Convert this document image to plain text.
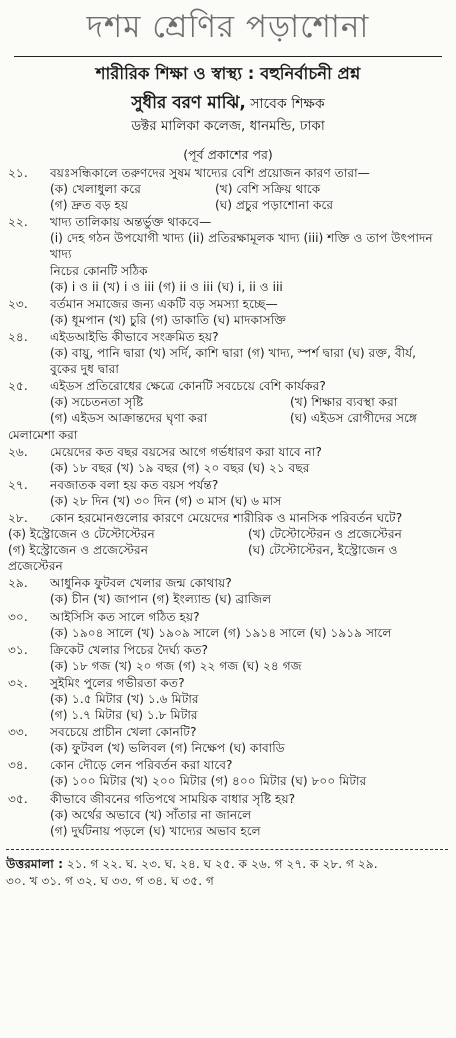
দশম শ্রেণির পড়াশোনা
শারীরিক শিক্ষা ও স্বাস্থ্য : বহুনির্বাচনী প্রশ্ন
সুধীর বরণ মাঝি, সাবেক শিক্ষক
ডক্টর মালিকা কলেজ, ধানমন্ডি, ঢাকা
(পূর্ব প্রকাশের পর)
২১.	বয়ঃসন্ধিকালে তরুণদের সুষম খাদ্যের বেশি প্রয়োজন কারণ তারা—
(ক) খেলাধুলা করে	(খ) বেশি সক্রিয় থাকে
(গ) দ্রুত বড় হয়	(ঘ) প্রচুর পড়াশোনা করে
২২.	খাদ্য তালিকায় অন্তর্ভুক্ত থাকবে—
(i) দেহ গঠন উপযোগী খাদ্য (ii) প্রতিরক্ষামূলক খাদ্য (iii) শক্তি ও তাপ উৎপাদন খাদ্য
নিচের কোনটি সঠিক
(ক) i ও ii (খ) i ও iii (গ) ii ও iii (ঘ) i, ii ও iii
২৩.	বর্তমান সমাজের জন্য একটি বড় সমস্যা হচ্ছে—
(ক) ধূমপান (খ) চুরি (গ) ডাকাতি (ঘ) মাদকাসক্তি
২৪.	এইডআইভি কীভাবে সংক্রমিত হয়?
(ক) বায়ু, পানি দ্বারা (খ) সর্দি, কাশি দ্বারা (গ) খাদ্য, স্পর্শ দ্বারা (ঘ) রক্ত, বীর্য, বুকের দুধ দ্বারা
২৫.	এইডস প্রতিরোধের ক্ষেত্রে কোনটি সবচেয়ে বেশি কার্যকর?
(ক) সচেতনতা সৃষ্টি	(খ) শিক্ষার ব্যবস্থা করা
(গ) এইডস আক্রান্তদের ঘৃণা করা	(ঘ) এইডস রোগীদের সঙ্গে
মেলামেশা করা
২৬.	মেয়েদের কত বছর বয়সের আগে গর্ভধারণ করা যাবে না?
(ক) ১৮ বছর (খ) ১৯ বছর (গ) ২০ বছর (ঘ) ২১ বছর
২৭.	নবজাতক বলা হয় কত বয়স পর্যন্ত?
(ক) ২৮ দিন (খ) ৩০ দিন (গ) ৩ মাস (ঘ) ৬ মাস
২৮.	কোন হরমোনগুলোর কারণে মেয়েদের শারীরিক ও মানসিক পরিবর্তন ঘটে?
(ক) ইস্ট্রোজেন ও টেস্টোস্টেরন	(খ) টেস্টোস্টেরন ও প্রজেস্টেরন
(গ) ইস্ট্রোজেন ও প্রজেস্টেরন	(ঘ) টেস্টোস্টেরন, ইস্ট্রোজেন ও
প্রজেস্টেরন
২৯.	আধুনিক ফুটবল খেলার জন্ম কোথায়?
(ক) চীন (খ) জাপান (গ) ইংল্যান্ড (ঘ) ব্রাজিল
৩০.	আইসিসি কত সালে গঠিত হয়?
(ক) ১৯০৪ সালে (খ) ১৯০৯ সালে (গ) ১৯১৪ সালে (ঘ) ১৯১৯ সালে
৩১.	ক্রিকেট খেলার পিচের দৈর্ঘ্য কত?
(ক) ১৮ গজ (খ) ২০ গজ (গ) ২২ গজ (ঘ) ২৪ গজ
৩২.	সুইমিং পুলের গভীরতা কত?
(ক) ১.৫ মিটার (খ) ১.৬ মিটার
(গ) ১.৭ মিটার (ঘ) ১.৮ মিটার
৩৩.	সবচেয়ে প্রাচীন খেলা কোনটি?
(ক) ফুটবল (খ) ভলিবল (গ) নিক্ষেপ (ঘ) কাবাডি
৩৪.	কোন দৌড়ে লেন পরিবর্তন করা যাবে?
(ক) ১০০ মিটার (খ) ২০০ মিটার (গ) ৪০০ মিটার (ঘ) ৮০০ মিটার
৩৫.	কীভাবে জীবনের গতিপথে সাময়িক বাধার সৃষ্টি হয়?
(ক) অর্থের অভাবে (খ) সাঁতার না জানলে
(গ) দুর্ঘটনায় পড়লে (ঘ) খাদ্যের অভাব হলে
উত্তরমালা : ২১. গ ২২. ঘ. ২৩. ঘ. ২৪. ঘ ২৫. ক ২৬. গ ২৭. ক ২৮. গ ২৯.
৩০. খ ৩১. গ ৩২. ঘ ৩৩. গ ৩৪. ঘ ৩৫. গ
